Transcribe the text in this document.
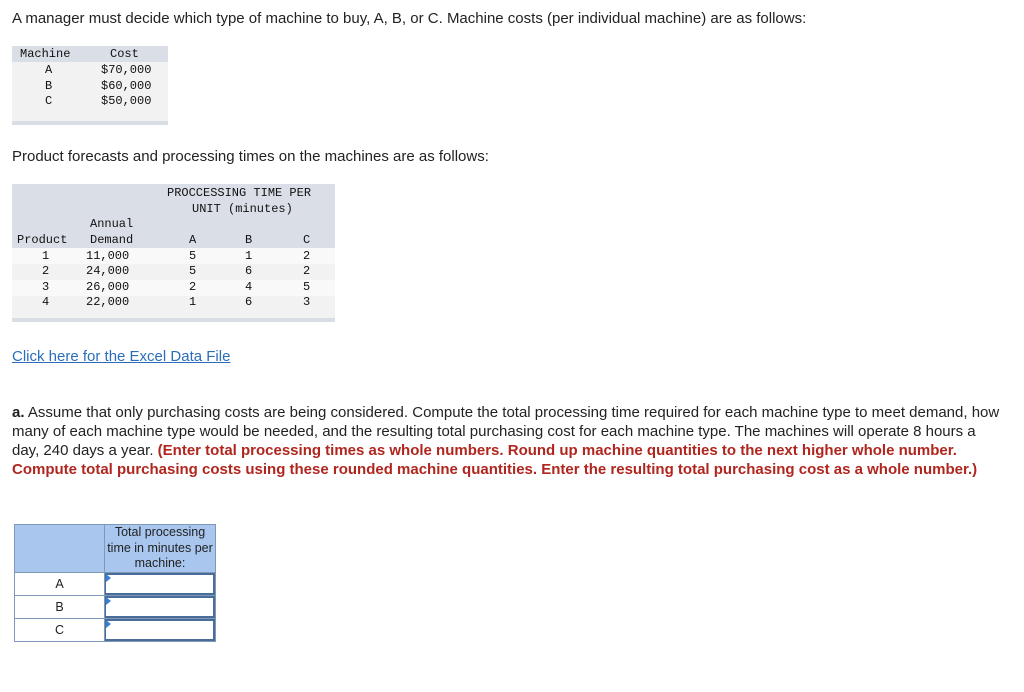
A manager must decide which type of machine to buy, A, B, or C. Machine costs (per individual machine) are as follows:

Machine	Cost
A	$70,000
B	$60,000
C	$50,000

Product forecasts and processing times on the machines are as follows:

PROCCESSING TIME PER
UNIT (minutes)
Annual
Product Demand	A	B	C
1	11,000	5	1	2
2	24,000	5	6	2
3	26,000	2	4	5
4	22,000	1	6	3

Click here for the Excel Data File

a. Assume that only purchasing costs are being considered. Compute the total processing time required for each machine type to meet demand, how many of each machine type would be needed, and the resulting total purchasing cost for each machine type. The machines will operate 8 hours a day, 240 days a year. (Enter total processing times as whole numbers. Round up machine quantities to the next higher whole number. Compute total purchasing costs using these rounded machine quantities. Enter the resulting total purchasing cost as a whole number.)

	Total processing time in minutes per machine:
A	

B	

C	
